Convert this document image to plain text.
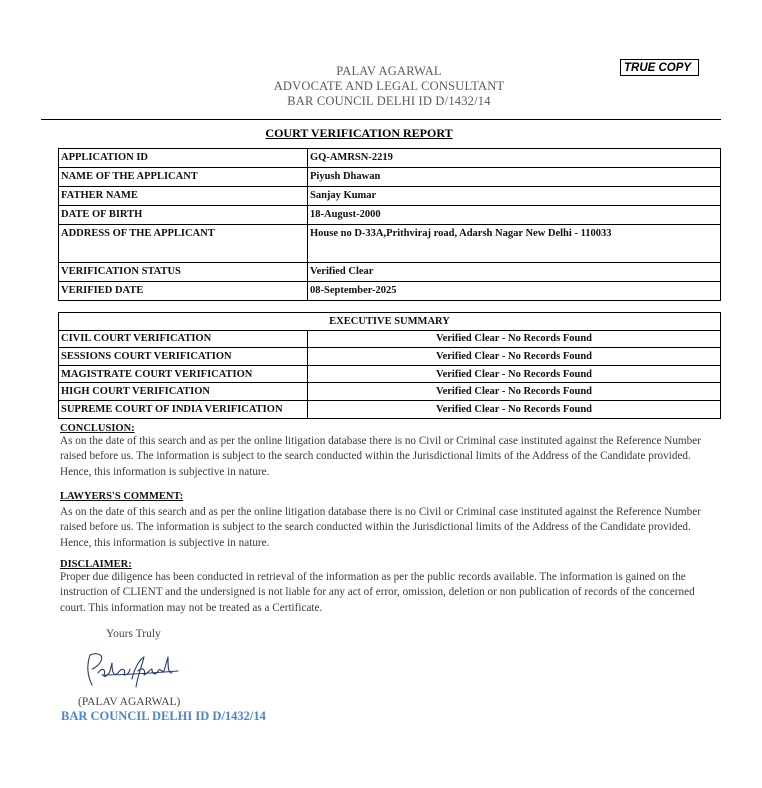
PALAV AGARWAL
ADVOCATE AND LEGAL CONSULTANT
BAR COUNCIL DELHI ID D/1432/14
TRUE COPY
COURT VERIFICATION REPORT
APPLICATION ID	GQ-AMRSN-2219
NAME OF THE APPLICANT	Piyush Dhawan
FATHER NAME	Sanjay Kumar
DATE OF BIRTH	18-August-2000
ADDRESS OF THE APPLICANT	House no D-33A,Prithviraj road, Adarsh Nagar New Delhi - 110033
VERIFICATION STATUS	Verified Clear
VERIFIED DATE	08-September-2025
EXECUTIVE SUMMARY	
CIVIL COURT VERIFICATION	Verified Clear - No Records Found
SESSIONS COURT VERIFICATION	Verified Clear - No Records Found
MAGISTRATE COURT VERIFICATION	Verified Clear - No Records Found
HIGH COURT VERIFICATION	Verified Clear - No Records Found
SUPREME COURT OF INDIA VERIFICATION	Verified Clear - No Records Found
CONCLUSION:
As on the date of this search and as per the online litigation database there is no Civil or Criminal case instituted against the Reference Number raised before us. The information is subject to the search conducted within the Jurisdictional limits of the Address of the Candidate provided. Hence, this information is subjective in nature.
LAWYERS'S COMMENT:
As on the date of this search and as per the online litigation database there is no Civil or Criminal case instituted against the Reference Number raised before us. The information is subject to the search conducted within the Jurisdictional limits of the Address of the Candidate provided. Hence, this information is subjective in nature.
DISCLAIMER:
Proper due diligence has been conducted in retrieval of the information as per the public records available. The information is gained on the instruction of CLIENT and the undersigned is not liable for any act of error, omission, deletion or non publication of records of the concerned court. This information may not be treated as a Certificate.
Yours Truly
(PALAV AGARWAL)
BAR COUNCIL DELHI ID D/1432/14
